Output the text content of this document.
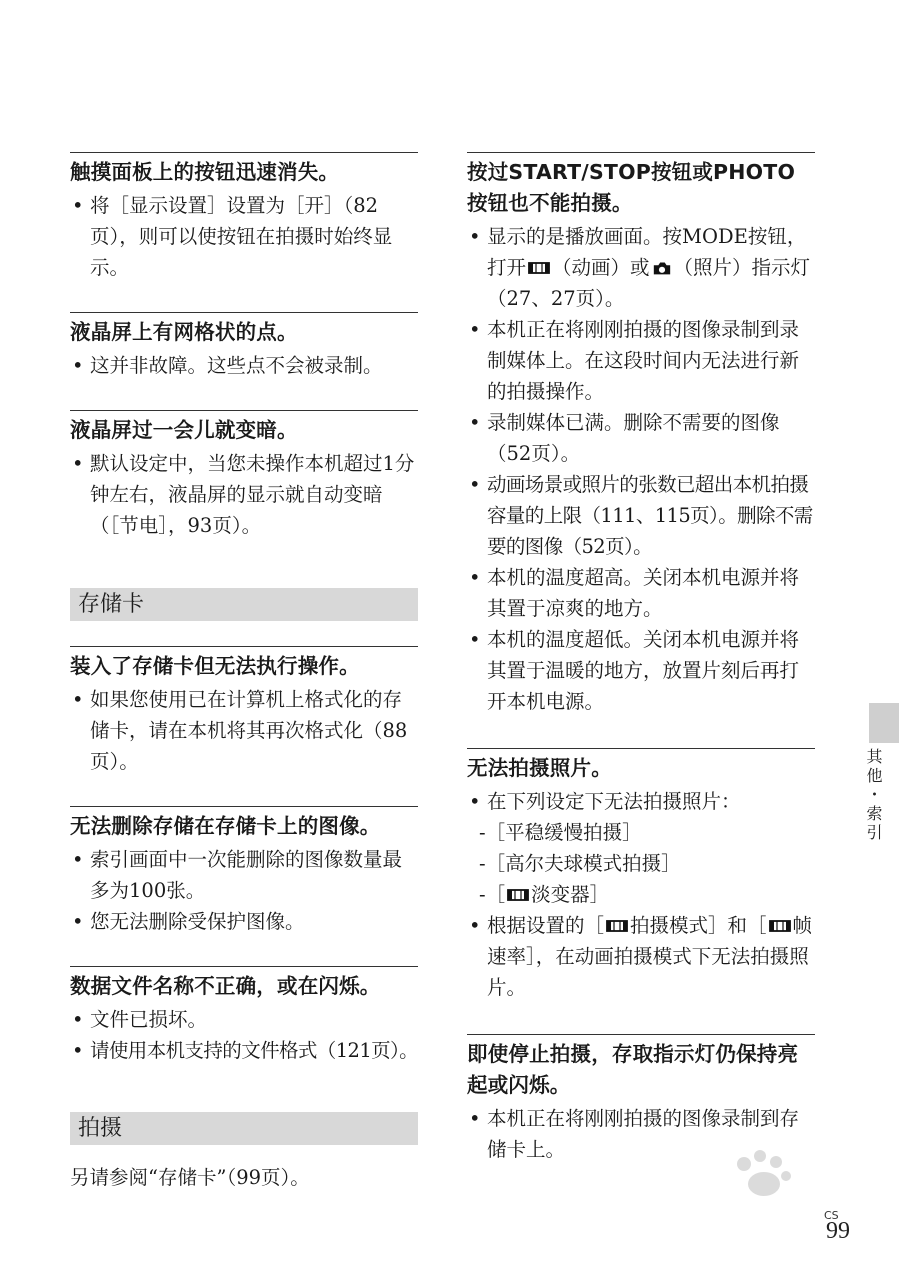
触摸面板上的按钮迅速消失。
• 将［显示设置］设置为［开］（82页），则可以使按钮在拍摄时始终显示。
液晶屏上有网格状的点。
• 这并非故障。这些点不会被录制。
液晶屏过一会儿就变暗。
• 默认设定中，当您未操作本机超过1分钟左右，液晶屏的显示就自动变暗（［节电］，93页）。
存储卡
装入了存储卡但无法执行操作。
• 如果您使用已在计算机上格式化的存储卡，请在本机将其再次格式化（88页）。
无法删除存储在存储卡上的图像。
• 索引画面中一次能删除的图像数量最多为100张。
• 您无法删除受保护图像。
数据文件名称不正确，或在闪烁。
• 文件已损坏。
• 请使用本机支持的文件格式（121页）。
拍摄
另请参阅“存储卡”（99页）。
按过START/STOP按钮或PHOTO按钮也不能拍摄。
• 显示的是播放画面。按MODE按钮，打开 （动画）或 （照片）指示灯（27、27页）。
• 本机正在将刚刚拍摄的图像录制到录制媒体上。在这段时间内无法进行新的拍摄操作。
• 录制媒体已满。删除不需要的图像（52页）。
• 动画场景或照片的张数已超出本机拍摄容量的上限（111、115页）。删除不需要的图像（52页）。
• 本机的温度超高。关闭本机电源并将其置于凉爽的地方。
• 本机的温度超低。关闭本机电源并将其置于温暖的地方，放置片刻后再打开本机电源。
无法拍摄照片。
• 在下列设定下无法拍摄照片：
-［平稳缓慢拍摄］
-［高尔夫球模式拍摄］
-［ 淡变器］
• 根据设置的［ 拍摄模式］和［ 帧速率］，在动画拍摄模式下无法拍摄照片。
即使停止拍摄，存取指示灯仍保持亮起或闪烁。
• 本机正在将刚刚拍摄的图像录制到存储卡上。
其他・索引
CS
99
